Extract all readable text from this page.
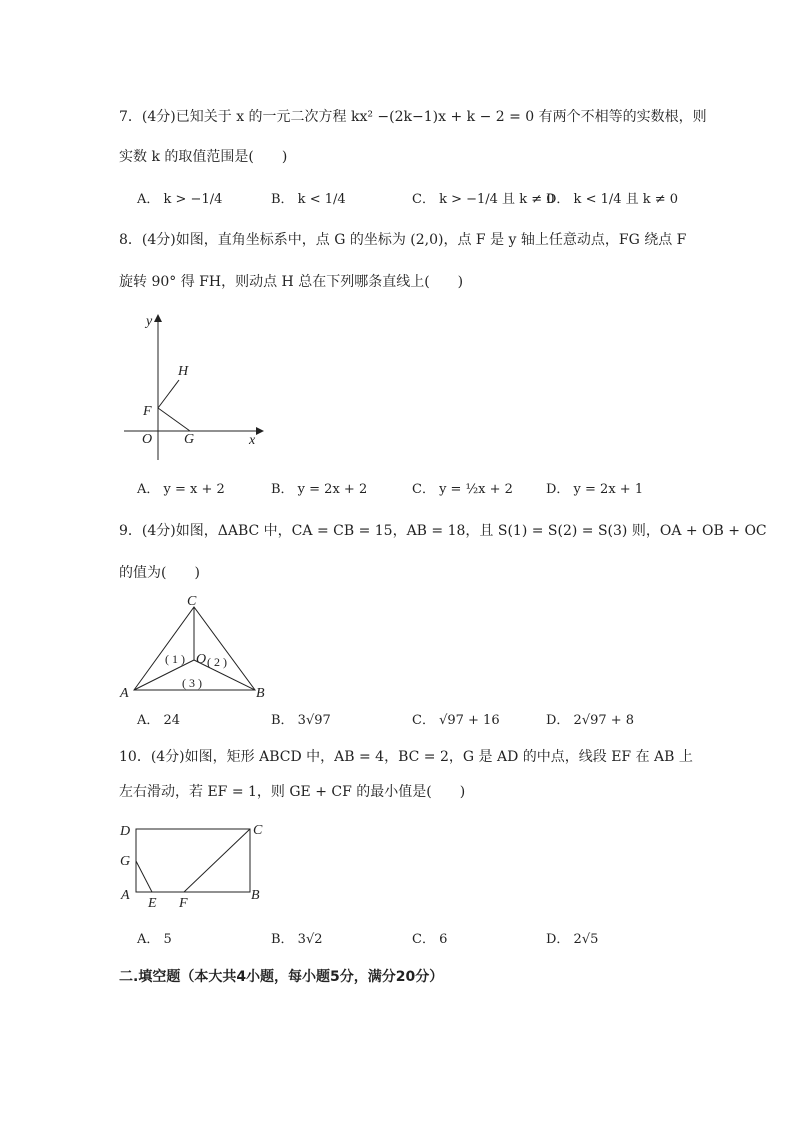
7．(4分)已知关于 x 的一元二次方程 kx² −(2k−1)x + k − 2 = 0 有两个不相等的实数根，则
实数 k 的取值范围是(　　)
A． k > −1/4	B． k < 1/4	C． k > −1/4 且 k ≠ 0
D． k < 1/4 且 k ≠ 0
8．(4分)如图，直角坐标系中，点 G 的坐标为 (2,0)，点 F 是 y 轴上任意动点，FG 绕点 F
旋转 90° 得 FH，则动点 H 总在下列哪条直线上(　　)
y
x
O
F
G
H
A． y = x + 2	B． y = 2x + 2	C． y = ½x + 2	D． y = 2x + 1
9．(4分)如图，ΔABC 中，CA = CB = 15，AB = 18，且 S(1) = S(2) = S(3) 则，OA + OB + OC
的值为(　　)
C
A	B
O
( 1 ) ( 2 )
( 3 )
A． 24	B． 3√97	C． √97 + 16	D． 2√97 + 8
10．(4分)如图，矩形 ABCD 中，AB = 4，BC = 2，G 是 AD 的中点，线段 EF 在 AB 上
左右滑动，若 EF = 1，则 GE + CF 的最小值是(　　)
D	C
G
A	B
E F
A． 5	B． 3√2	C． 6	D． 2√5
二.填空题（本大共4小题，每小题5分，满分20分）
